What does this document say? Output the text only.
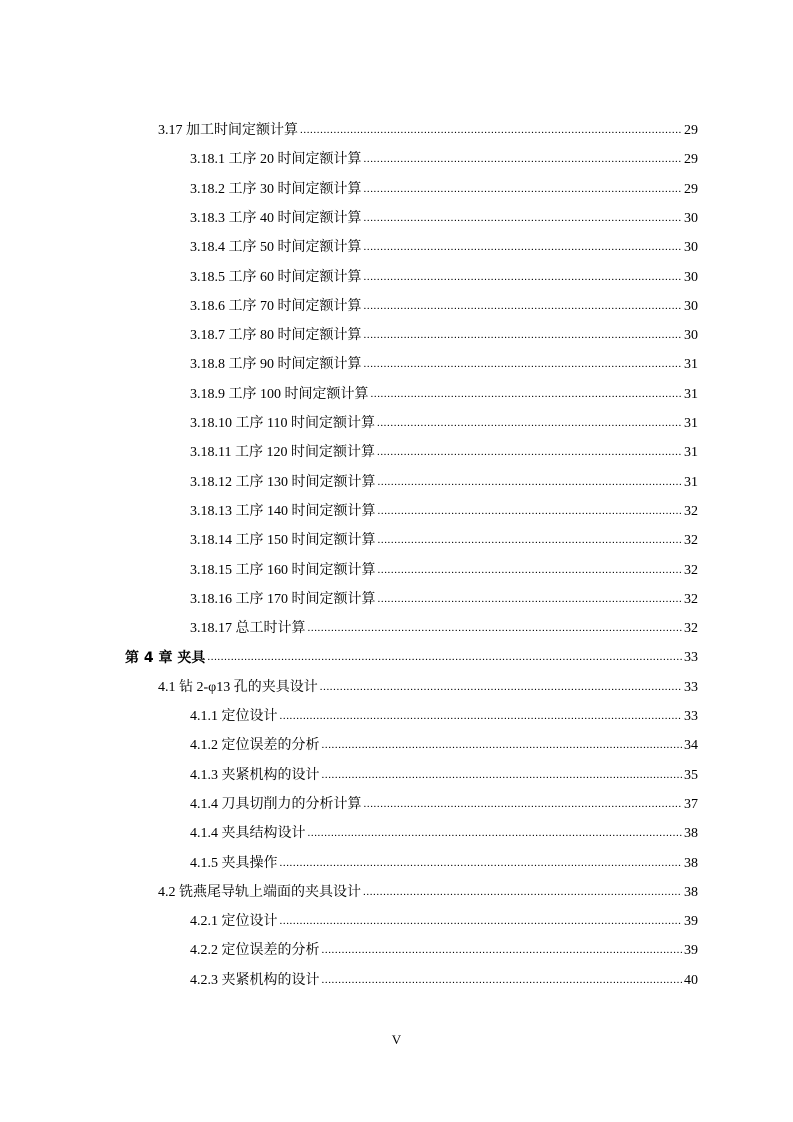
3.17 加工时间定额计算 .....	29
3.18.1 工序 20 时间定额计算 .....	29
3.18.2 工序 30 时间定额计算 .....	29
3.18.3 工序 40 时间定额计算 .....	30
3.18.4 工序 50 时间定额计算 .....	30
3.18.5 工序 60 时间定额计算 .....	30
3.18.6 工序 70 时间定额计算 .....	30
3.18.7 工序 80 时间定额计算 .....	30
3.18.8 工序 90 时间定额计算 .....	31
3.18.9 工序 100 时间定额计算 .....	31
3.18.10 工序 110 时间定额计算 .....	31
3.18.11 工序 120 时间定额计算 .....	31
3.18.12 工序 130 时间定额计算 .....	31
3.18.13 工序 140 时间定额计算 .....	32
3.18.14 工序 150 时间定额计算 .....	32
3.18.15 工序 160 时间定额计算 .....	32
3.18.16 工序 170 时间定额计算 .....	32
3.18.17 总工时计算 .....	32
第 4 章 夹具 .....	33
4.1 钻 2-φ13 孔的夹具设计 .....	33
4.1.1 定位设计 .....	33
4.1.2 定位误差的分析 .....	34
4.1.3 夹紧机构的设计 .....	35
4.1.4 刀具切削力的分析计算 .....	37
4.1.4 夹具结构设计 .....	38
4.1.5 夹具操作 .....	38
4.2 铣燕尾导轨上端面的夹具设计 .....	38
4.2.1 定位设计 .....	39
4.2.2 定位误差的分析 .....	39
4.2.3 夹紧机构的设计 .....	40
V
